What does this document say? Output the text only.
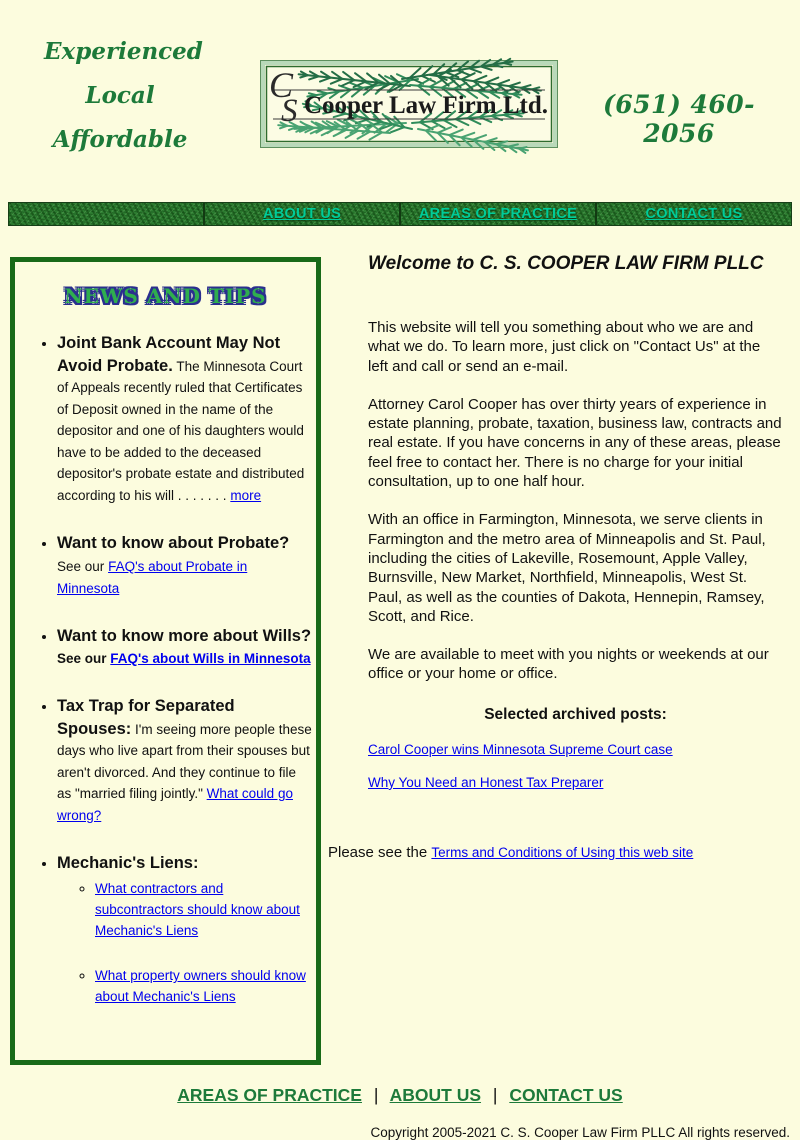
Experienced
Local
Affordable
C
S Cooper Law Firm Ltd.	(651) 460-2056
ABOUT US	AREAS OF PRACTICE	CONTACT US
NEWS AND TIPS
• Joint Bank Account May Not Avoid Probate. The Minnesota Court of Appeals recently ruled that Certificates of Deposit owned in the name of the depositor and one of his daughters would have to be added to the deceased depositor's probate estate and distributed according to his will . . . . . . . more
• Want to know about Probate?
See our FAQ's about Probate in Minnesota
• Want to know more about Wills? See our FAQ's about Wills in Minnesota
• Tax Trap for Separated Spouses: I'm seeing more people these days who live apart from their spouses but aren't divorced. And they continue to file as "married filing jointly." What could go wrong?
• Mechanic's Liens:
◦ What contractors and subcontractors should know about Mechanic's Liens
◦ What property owners should know about Mechanic's Liens
Welcome to C. S. COOPER LAW FIRM PLLC

This website will tell you something about who we are and what we do. To learn more, just click on "Contact Us" at the left and call or send an e-mail.

Attorney Carol Cooper has over thirty years of experience in estate planning, probate, taxation, business law, contracts and real estate. If you have concerns in any of these areas, please feel free to contact her. There is no charge for your initial consultation, up to one half hour.

With an office in Farmington, Minnesota, we serve clients in Farmington and the metro area of Minneapolis and St. Paul, including the cities of Lakeville, Rosemount, Apple Valley, Burnsville, New Market, Northfield, Minneapolis, West St. Paul, as well as the counties of Dakota, Hennepin, Ramsey, Scott, and Rice.

We are available to meet with you nights or weekends at our office or your home or office.

Selected archived posts:
Carol Cooper wins Minnesota Supreme Court case
Why You Need an Honest Tax Preparer
Please see the Terms and Conditions of Using this web site
AREAS OF PRACTICE | ABOUT US | CONTACT US
Copyright 2005-2021 C. S. Cooper Law Firm PLLC All rights reserved.
